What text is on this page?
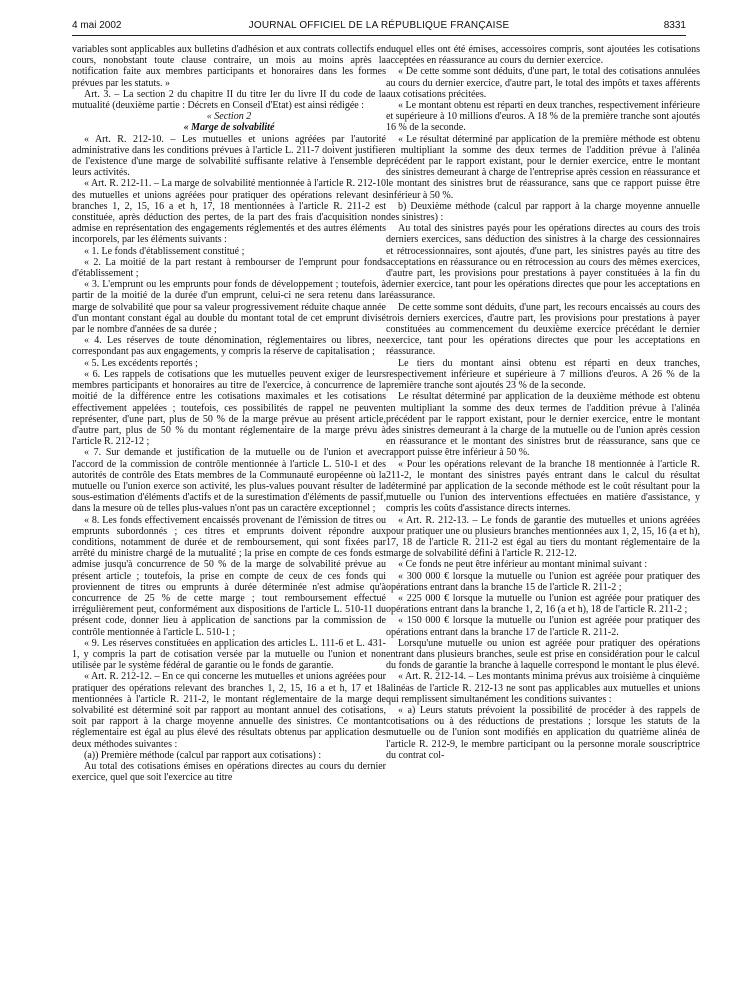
4 mai 2002	JOURNAL OFFICIEL DE LA RÉPUBLIQUE FRANÇAISE	8331

variables sont applicables aux bulletins d'adhésion et aux contrats collectifs en cours, nonobstant toute clause contraire, un mois au moins après la notification faite aux membres participants et honoraires dans les formes prévues par les statuts. »

Art. 3. – La section 2 du chapitre II du titre Ier du livre II du code de la mutualité (deuxième partie : Décrets en Conseil d'Etat) est ainsi rédigée :

« Section 2

« Marge de solvabilité

« Art. R. 212-10. – Les mutuelles et unions agréées par l'autorité administrative dans les conditions prévues à l'article L. 211-7 doivent justifier de l'existence d'une marge de solvabilité suffisante relative à l'ensemble de leurs activités.

« Art. R. 212-11. – La marge de solvabilité mentionnée à l'article R. 212-10 des mutuelles et unions agréées pour pratiquer des opérations relevant des branches 1, 2, 15, 16 a et h, 17, 18 mentionnées à l'article R. 211-2 est constituée, après déduction des pertes, de la part des frais d'acquisition non admise en représentation des engagements réglementés et des autres éléments incorporels, par les éléments suivants :

« 1. Le fonds d'établissement constitué ;

« 2. La moitié de la part restant à rembourser de l'emprunt pour fonds d'établissement ;

« 3. L'emprunt ou les emprunts pour fonds de développement ; toutefois, à partir de la moitié de la durée d'un emprunt, celui-ci ne sera retenu dans la marge de solvabilité que pour sa valeur progressivement réduite chaque année d'un montant constant égal au double du montant total de cet emprunt divisé par le nombre d'années de sa durée ;

« 4. Les réserves de toute dénomination, réglementaires ou libres, ne correspondant pas aux engagements, y compris la réserve de capitalisation ;

« 5. Les excédents reportés ;

« 6. Les rappels de cotisations que les mutuelles peuvent exiger de leurs membres participants et honoraires au titre de l'exercice, à concurrence de la moitié de la différence entre les cotisations maximales et les cotisations effectivement appelées ; toutefois, ces possibilités de rappel ne peuvent représenter, d'une part, plus de 50 % de la marge prévue au présent article, d'autre part, plus de 50 % du montant réglementaire de la marge prévu à l'article R. 212-12 ;

« 7. Sur demande et justification de la mutuelle ou de l'union et avec l'accord de la commission de contrôle mentionnée à l'article L. 510-1 et des autorités de contrôle des Etats membres de la Communauté européenne où la mutuelle ou l'union exerce son activité, les plus-values pouvant résulter de la sous-estimation d'éléments d'actifs et de la surestimation d'éléments de passif, dans la mesure où de telles plus-values n'ont pas un caractère exceptionnel ;

« 8. Les fonds effectivement encaissés provenant de l'émission de titres ou emprunts subordonnés ; ces titres et emprunts doivent répondre aux conditions, notamment de durée et de remboursement, qui sont fixées par arrêté du ministre chargé de la mutualité ; la prise en compte de ces fonds est admise jusqu'à concurrence de 50 % de la marge de solvabilité prévue au présent article ; toutefois, la prise en compte de ceux de ces fonds qui proviennent de titres ou emprunts à durée déterminée n'est admise qu'à concurrence de 25 % de cette marge ; tout remboursement effectué irrégulièrement peut, conformément aux dispositions de l'article L. 510-11 du présent code, donner lieu à application de sanctions par la commission de contrôle mentionnée à l'article L. 510-1 ;

« 9. Les réserves constituées en application des articles L. 111-6 et L. 431-1, y compris la part de cotisation versée par la mutuelle ou l'union et non utilisée par le système fédéral de garantie ou le fonds de garantie.

« Art. R. 212-12. – En ce qui concerne les mutuelles et unions agréées pour pratiquer des opérations relevant des branches 1, 2, 15, 16 a et h, 17 et 18 mentionnées à l'article R. 211-2, le montant réglementaire de la marge de solvabilité est déterminé soit par rapport au montant annuel des cotisations, soit par rapport à la charge moyenne annuelle des sinistres. Ce montant réglementaire est égal au plus élevé des résultats obtenus par application des deux méthodes suivantes :

(a)) Première méthode (calcul par rapport aux cotisations) :

Au total des cotisations émises en opérations directes au cours du dernier exercice, quel que soit l'exercice au titre

duquel elles ont été émises, accessoires compris, sont ajoutées les cotisations acceptées en réassurance au cours du dernier exercice.

« De cette somme sont déduits, d'une part, le total des cotisations annulées au cours du dernier exercice, d'autre part, le total des impôts et taxes afférents aux cotisations précitées.

« Le montant obtenu est réparti en deux tranches, respectivement inférieure et supérieure à 10 millions d'euros. A 18 % de la première tranche sont ajoutés 16 % de la seconde.

« Le résultat déterminé par application de la première méthode est obtenu en multipliant la somme des deux termes de l'addition prévue à l'alinéa précédent par le rapport existant, pour le dernier exercice, entre le montant des sinistres demeurant à charge de l'entreprise après cession en réassurance et le montant des sinistres brut de réassurance, sans que ce rapport puisse être inférieur à 50 %.

b) Deuxième méthode (calcul par rapport à la charge moyenne annuelle des sinistres) :

Au total des sinistres payés pour les opérations directes au cours des trois derniers exercices, sans déduction des sinistres à la charge des cessionnaires et rétrocessionnaires, sont ajoutés, d'une part, les sinistres payés au titre des acceptations en réassurance ou en rétrocession au cours des mêmes exercices, d'autre part, les provisions pour prestations à payer constituées à la fin du dernier exercice, tant pour les opérations directes que pour les acceptations en réassurance.

De cette somme sont déduits, d'une part, les recours encaissés au cours des trois derniers exercices, d'autre part, les provisions pour prestations à payer constituées au commencement du deuxième exercice précédant le dernier exercice, tant pour les opérations directes que pour les acceptations en réassurance.

Le tiers du montant ainsi obtenu est réparti en deux tranches, respectivement inférieure et supérieure à 7 millions d'euros. A 26 % de la première tranche sont ajoutés 23 % de la seconde.

Le résultat déterminé par application de la deuxième méthode est obtenu en multipliant la somme des deux termes de l'addition prévue à l'alinéa précédent par le rapport existant, pour le dernier exercice, entre le montant des sinistres demeurant à la charge de la mutuelle ou de l'union après cession en réassurance et le montant des sinistres brut de réassurance, sans que ce rapport puisse être inférieur à 50 %.

« Pour les opérations relevant de la branche 18 mentionnée à l'article R. 211-2, le montant des sinistres payés entrant dans le calcul du résultat déterminé par application de la seconde méthode est le coût résultant pour la mutuelle ou l'union des interventions effectuées en matière d'assistance, y compris les coûts d'assistance directs internes.

« Art. R. 212-13. – Le fonds de garantie des mutuelles et unions agréées pour pratiquer une ou plusieurs branches mentionnées aux 1, 2, 15, 16 (a et h), 17, 18 de l'article R. 211-2 est égal au tiers du montant réglementaire de la marge de solvabilité défini à l'article R. 212-12.

« Ce fonds ne peut être inférieur au montant minimal suivant :

« 300 000 € lorsque la mutuelle ou l'union est agréée pour pratiquer des opérations entrant dans la branche 15 de l'article R. 211-2 ;

« 225 000 € lorsque la mutuelle ou l'union est agréée pour pratiquer des opérations entrant dans la branche 1, 2, 16 (a et h), 18 de l'article R. 211-2 ;

« 150 000 € lorsque la mutuelle ou l'union est agréée pour pratiquer des opérations entrant dans la branche 17 de l'article R. 211-2.

Lorsqu'une mutuelle ou union est agréée pour pratiquer des opérations entrant dans plusieurs branches, seule est prise en considération pour le calcul du fonds de garantie la branche à laquelle correspond le montant le plus élevé.

« Art. R. 212-14. – Les montants minima prévus aux troisième à cinquième alinéas de l'article R. 212-13 ne sont pas applicables aux mutuelles et unions qui remplissent simultanément les conditions suivantes :

« a) Leurs statuts prévoient la possibilité de procéder à des rappels de cotisations ou à des réductions de prestations ; lorsque les statuts de la mutuelle ou de l'union sont modifiés en application du quatrième alinéa de l'article R. 212-9, le membre participant ou la personne morale souscriptrice du contrat col-
